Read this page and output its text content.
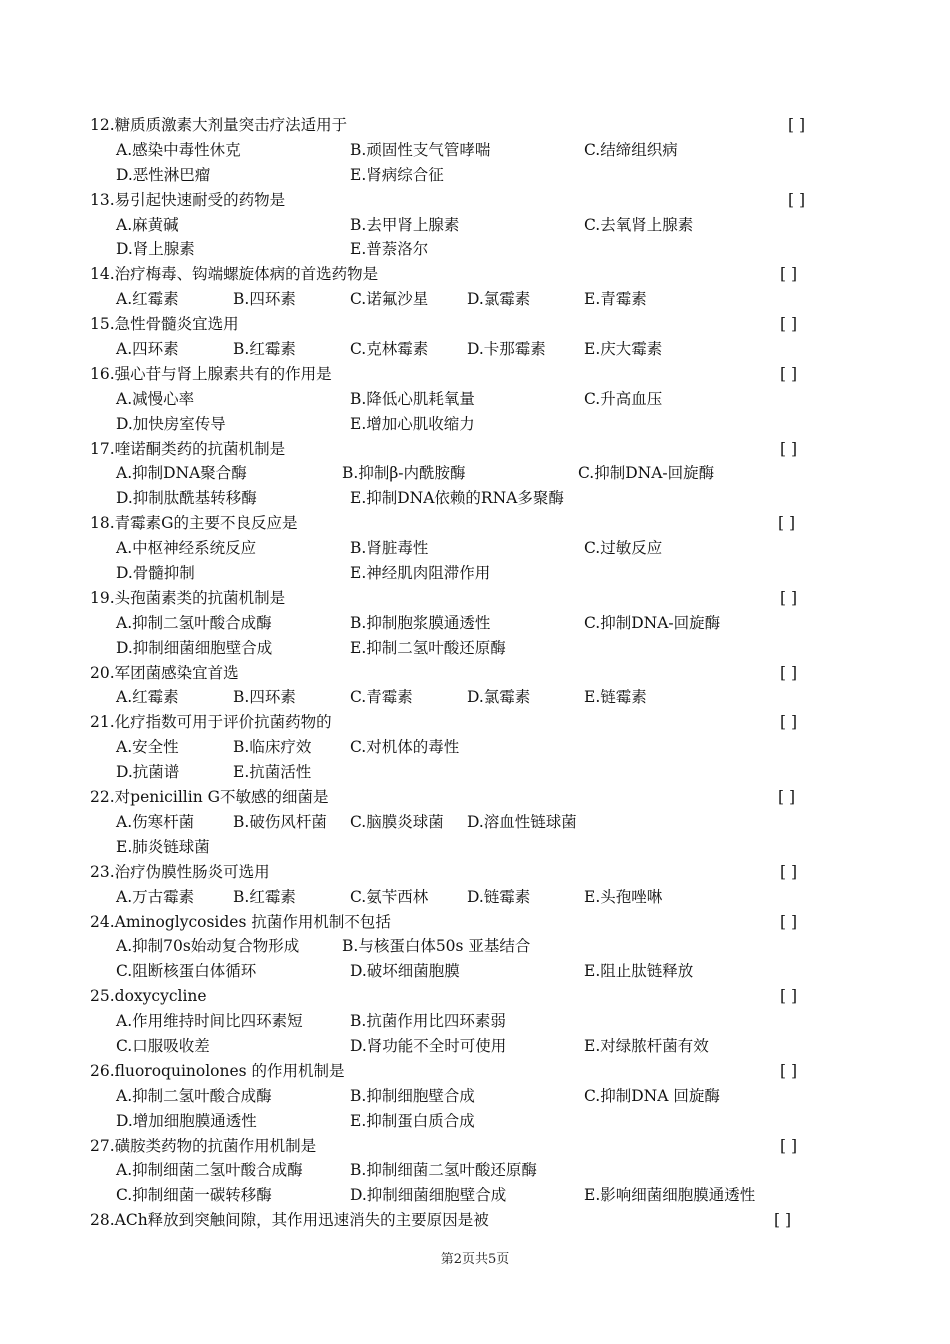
12.糖质质激素大剂量突击疗法适用于	[ ]
A.感染中毒性休克	B.顽固性支气管哮喘	C.结缔组织病
D.恶性淋巴瘤	E.肾病综合征
13.易引起快速耐受的药物是	[ ]
A.麻黄碱	B.去甲肾上腺素	C.去氧肾上腺素
D.肾上腺素	E.普萘洛尔
14.治疗梅毒、钩端螺旋体病的首选药物是	[ ]
A.红霉素	B.四环素	C.诺氟沙星	D.氯霉素	E.青霉素
15.急性骨髓炎宜选用	[ ]
A.四环素	B.红霉素	C.克林霉素	D.卡那霉素 E.庆大霉素
16.强心苷与肾上腺素共有的作用是	[ ]
A.减慢心率	B.降低心肌耗氧量	C.升高血压
D.加快房室传导	E.增加心肌收缩力
17.喹诺酮类药的抗菌机制是	[ ]
A.抑制DNA聚合酶	B.抑制β-内酰胺酶	C.抑制DNA-回旋酶
D.抑制肽酰基转移酶	E.抑制DNA依赖的RNA多聚酶
18.青霉素G的主要不良反应是	[ ]
A.中枢神经系统反应	B.肾脏毒性	C.过敏反应
D.骨髓抑制	E.神经肌肉阻滞作用
19.头孢菌素类的抗菌机制是	[ ]
A.抑制二氢叶酸合成酶	B.抑制胞浆膜通透性	C.抑制DNA-回旋酶
D.抑制细菌细胞壁合成	E.抑制二氢叶酸还原酶
20.军团菌感染宜首选	[ ]
A.红霉素	B.四环素	C.青霉素	D.氯霉素	E.链霉素
21.化疗指数可用于评价抗菌药物的	[ ]
A.安全性	B.临床疗效 C.对机体的毒性
D.抗菌谱	E.抗菌活性
22.对penicillin G不敏感的细菌是	[ ]
A.伤寒杆菌	B.破伤风杆菌 C.脑膜炎球菌 D.溶血性链球菌
E.肺炎链球菌
23.治疗伪膜性肠炎可选用	[ ]
A.万古霉素	B.红霉素	C.氨苄西林	D.链霉素	E.头孢唑啉
24.Aminoglycosides 抗菌作用机制不包括	[ ]
A.抑制70s始动复合物形成	B.与核蛋白体50s 亚基结合
C.阻断核蛋白体循环	D.破坏细菌胞膜	E.阻止肽链释放
25.doxycycline	[ ]
A.作用维持时间比四环素短	B.抗菌作用比四环素弱
C.口服吸收差	D.肾功能不全时可使用	E.对绿脓杆菌有效
26.fluoroquinolones 的作用机制是	[ ]
A.抑制二氢叶酸合成酶	B.抑制细胞壁合成	C.抑制DNA 回旋酶
D.增加细胞膜通透性	E.抑制蛋白质合成
27.磺胺类药物的抗菌作用机制是	[ ]
A.抑制细菌二氢叶酸合成酶	B.抑制细菌二氢叶酸还原酶
C.抑制细菌一碳转移酶	D.抑制细菌细胞壁合成	E.影响细菌细胞膜通透性
28.ACh释放到突触间隙，其作用迅速消失的主要原因是被	[ ]
第2页共5页
